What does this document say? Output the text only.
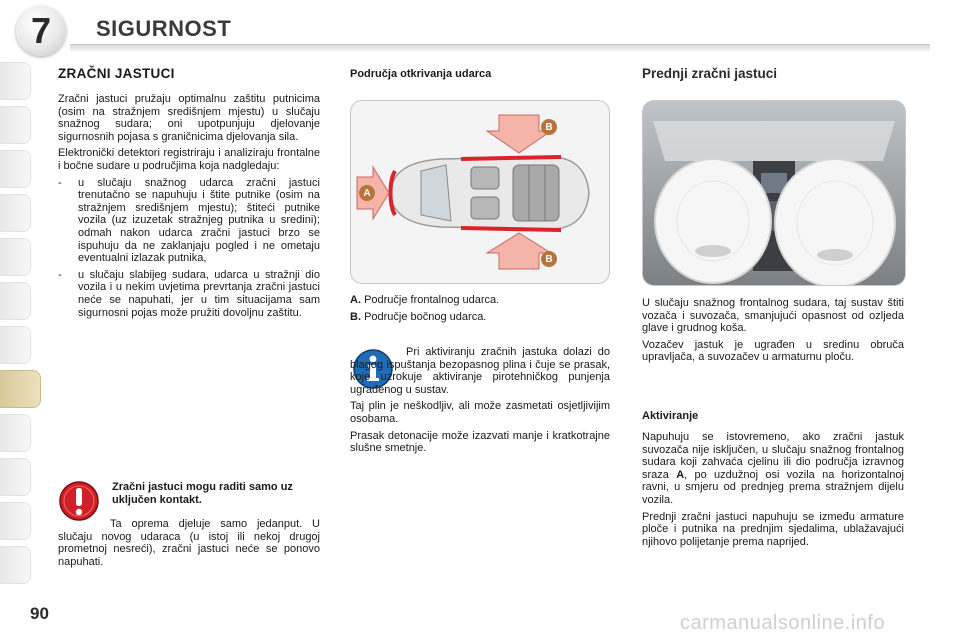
7 SIGURNOST
ZRAČNI JASTUCI

Zračni jastuci pružaju optimalnu zaštitu putnicima (osim na stražnjem središnjem mjestu) u slučaju snažnog sudara; oni upotpunjuju djelovanje sigurnosnih pojasa s graničnicima djelovanja sila.

Elektronički detektori registriraju i analiziraju frontalne i bočne sudare u područjima koja nadgledaju:

-	u slučaju snažnog udarca zračni jastuci trenutačno se napuhuju i štite putnike (osim na stražnjem središnjem mjestu); štiteći putnike vozila (uz izuzetak stražnjeg putnika u sredini); odmah nakon udarca zračni jastuci brzo se ispuhuju da ne zaklanjaju pogled i ne ometaju eventualni izlazak putnika,
-	u slučaju slabijeg sudara, udarca u stražnji dio vozila i u nekim uvjetima prevrtanja zračni jastuci neće se napuhati, jer u tim situacijama sam sigurnosni pojas može pružiti dovoljnu zaštitu.
Zračni jastuci mogu raditi samo uz uključen kontakt.
Ta oprema djeluje samo jedanput. U slučaju novog udaraca (u istoj ili nekoj drugoj prometnoj nesreći), zračni jastuci neće se ponovo napuhati.
Područja otkrivanja udarca
B
B
A
A. Područje frontalnog udarca.
B. Područje bočnog udarca.

Pri aktiviranju zračnih jastuka dolazi do blagog ispuštanja bezopasnog plina i čuje se prasak, koje uzrokuje aktiviranje pirotehničkog punjenja ugrađenog u sustav.

Taj plin je neškodljiv, ali može zasmetati osjetljivijim osobama.

Prasak detonacije može izazvati manje i kratkotrajne slušne smetnje.

Prednji zračni jastuci

U slučaju snažnog frontalnog sudara, taj sustav štiti vozača i suvozača, smanjujući opasnost od ozljeda glave i grudnog koša.

Vozačev jastuk je ugrađen u sredinu obruča upravljača, a suvozačev u armaturnu ploču.

Aktiviranje

Napuhuju se istovremeno, ako zračni jastuk suvozača nije isključen, u slučaju snažnog frontalnog sudara koji zahvaća cjelinu ili dio područja izravnog sraza A, po uzdužnoj osi vozila na horizontalnoj ravni, u smjeru od prednjeg prema stražnjem dijelu vozila.

Prednji zračni jastuci napuhuju se između armature ploče i putnika na prednjim sjedalima, ublažavajući njihovo polijetanje prema naprijed.

90	carmanualsonline.info
